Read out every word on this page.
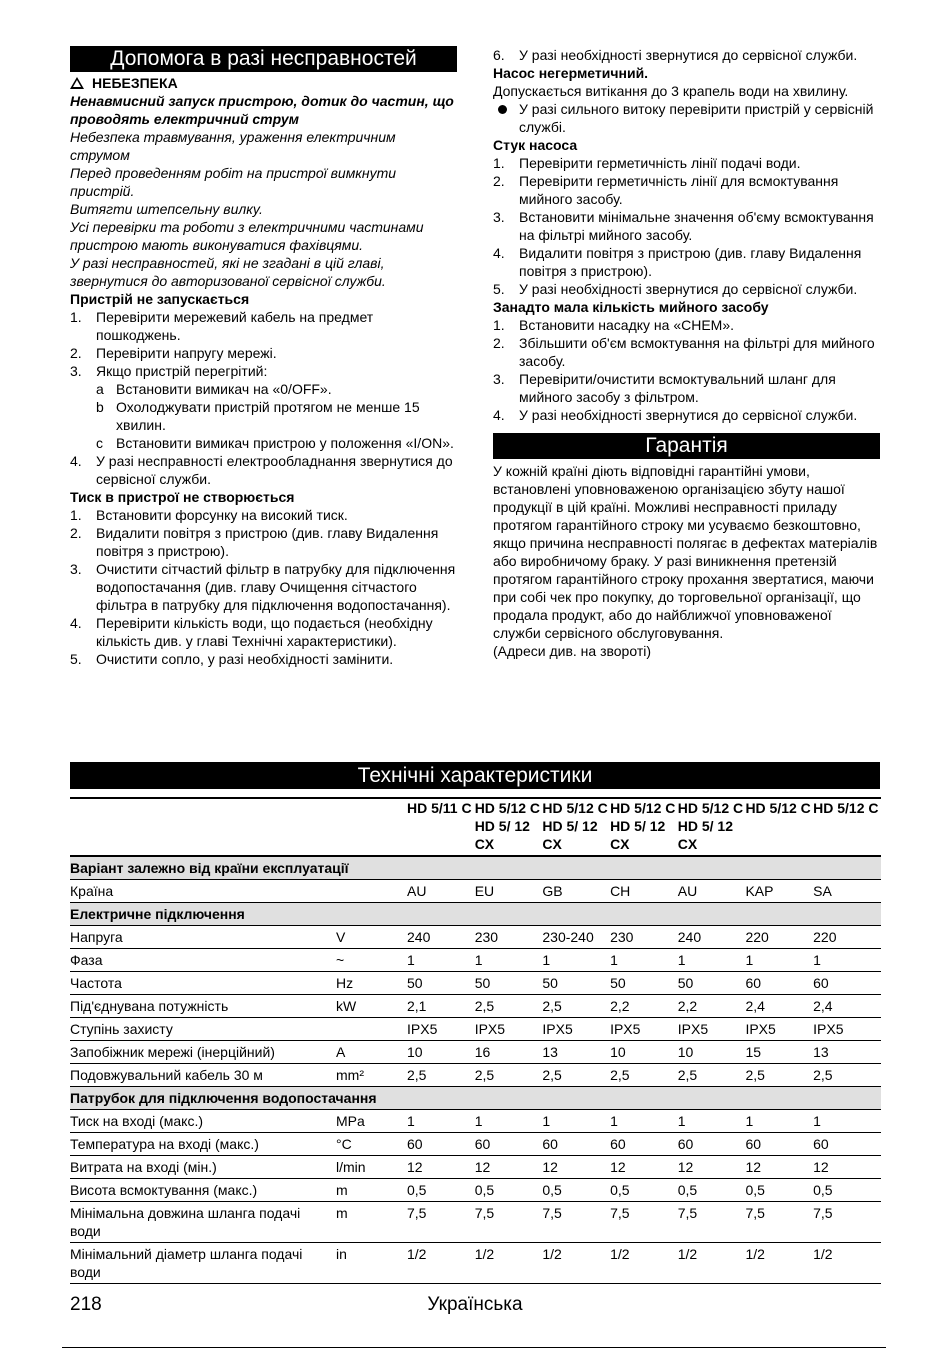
Допомога в разі несправностей

НЕБЕЗПЕКА

Ненавмисний запуск пристрою, дотик до частин, що проводять електричний струм

Небезпека травмування, ураження електричним струмом

Перед проведенням робіт на пристрої вимкнути пристрій.

Витягти штепсельну вилку.

Усі перевірки та роботи з електричними частинами пристрою мають виконуватися фахівцями.

У разі несправностей, які не згадані в цій главі, звернутися до авторизованої сервісної служби.

Пристрій не запускається

1. Перевірити мережевий кабель на предмет пошкоджень.
2. Перевірити напругу мережі.
3. Якщо пристрій перегрітий:
a Встановити вимикач на «0/OFF».
b Охолоджувати пристрій протягом не менше 15 хвилин.
c Встановити вимикач пристрою у положення «I/ON».
4. У разі несправності електрообладнання звернутися до сервісної служби.

Тиск в пристрої не створюється

1. Встановити форсунку на високий тиск.
2. Видалити повітря з пристрою (див. главу Видалення повітря з пристрою).
3. Очистити сітчастий фільтр в патрубку для підключення водопостачання (див. главу Очищення сітчастого фільтра в патрубку для підключення водопостачання).
4. Перевірити кількість води, що подається (необхідну кількість див. у главі Технічні характеристики).
5. Очистити сопло, у разі необхідності замінити.
6. У разі необхідності звернутися до сервісної служби.

Насос негерметичний.

Допускається витікання до 3 крапель води на хвилину.

У разі сильного витоку перевірити пристрій у сервісній службі.

Стук насоса

1. Перевірити герметичність лінії подачі води.
2. Перевірити герметичність лінії для всмоктування мийного засобу.
3. Встановити мінімальне значення об'єму всмоктування на фільтрі мийного засобу.
4. Видалити повітря з пристрою (див. главу Видалення повітря з пристрою).
5. У разі необхідності звернутися до сервісної служби.

Занадто мала кількість мийного засобу

1. Встановити насадку на «CHEM».
2. Збільшити об'єм всмоктування на фільтрі для мийного засобу.
3. Перевірити/очистити всмоктувальний шланг для мийного засобу з фільтром.
4. У разі необхідності звернутися до сервісної служби.
Гарантія

У кожній країні діють відповідні гарантійні умови, встановлені уповноваженою організацією збуту нашої продукції в цій країні. Можливі несправності приладу протягом гарантійного строку ми усуваємо безкоштовно, якщо причина несправності полягає в дефектах матеріалів або виробничому браку. У разі виникнення претензій протягом гарантійного строку прохання звертатися, маючи при собі чек про покупку, до торговельної організації, що продала продукт, або до найближчої уповноваженої служби сервісного обслуговування.

(Адреси див. на звороті)

Технічні характеристики
		HD 5/11 C	HD 5/12 C HD 5/ 12 CX	HD 5/12 C HD 5/ 12 CX	HD 5/12 C HD 5/ 12 CX	HD 5/12 C HD 5/ 12 CX	HD 5/12 C	HD 5/12 C
Варіант залежно від країни експлуатації								
Країна		AU	EU	GB	CH	AU	KAP	SA
Електричне підключення								
Напруга	V	240	230	230-240	230	240	220	220
Фаза	~	1	1	1	1	1	1	1
Частота	Hz	50	50	50	50	50	60	60
Під'єднувана потужність	kW	2,1	2,5	2,5	2,2	2,2	2,4	2,4
Ступінь захисту		IPX5	IPX5	IPX5	IPX5	IPX5	IPX5	IPX5
Запобіжник мережі (інерційний)	A	10	16	13	10	10	15	13
Подовжувальний кабель 30 м	mm²	2,5	2,5	2,5	2,5	2,5	2,5	2,5
Патрубок для підключення водопостачання								
Тиск на вході (макс.)	MPa	1	1	1	1	1	1	1
Температура на вході (макс.)	°C	60	60	60	60	60	60	60
Витрата на вході (мін.)	l/min	12	12	12	12	12	12	12
Висота всмоктування (макс.)	m	0,5	0,5	0,5	0,5	0,5	0,5	0,5
Мінімальна довжина шланга подачі води	m	7,5	7,5	7,5	7,5	7,5	7,5	7,5
Мінімальний діаметр шланга подачі води	in	1/2	1/2	1/2	1/2	1/2	1/2	1/2
218	Українська
